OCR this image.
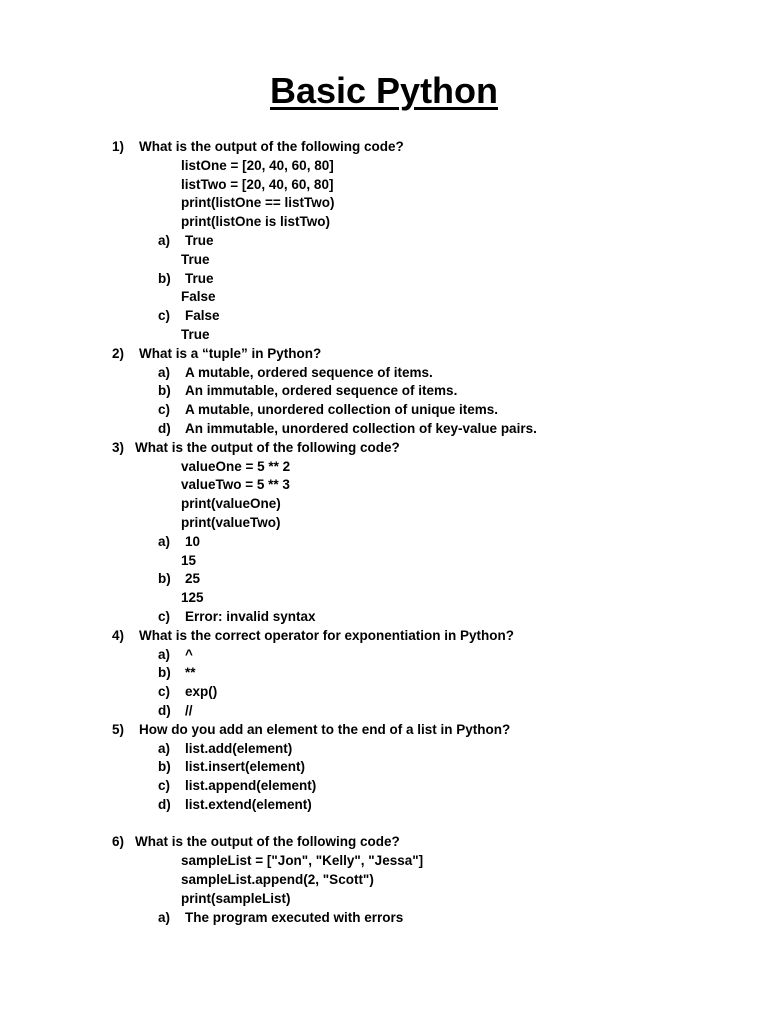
Basic Python
1) What is the output of the following code?
listOne = [20, 40, 60, 80]
listTwo = [20, 40, 60, 80]
print(listOne == listTwo)
print(listOne is listTwo)
a) True
True
b) True
False
c) False
True
2) What is a “tuple” in Python?
a) A mutable, ordered sequence of items.
b) An immutable, ordered sequence of items.
c) A mutable, unordered collection of unique items.
d) An immutable, unordered collection of key-value pairs.
3) What is the output of the following code?
valueOne = 5 ** 2
valueTwo = 5 ** 3
print(valueOne)
print(valueTwo)
a) 10
15
b) 25
125
c) Error: invalid syntax
4) What is the correct operator for exponentiation in Python?
a) ^
b) **
c) exp()
d) //
5) How do you add an element to the end of a list in Python?
a) list.add(element)
b) list.insert(element)
c) list.append(element)
d) list.extend(element)
6) What is the output of the following code?
sampleList = ["Jon", "Kelly", "Jessa"]
sampleList.append(2, "Scott")
print(sampleList)
a) The program executed with errors
